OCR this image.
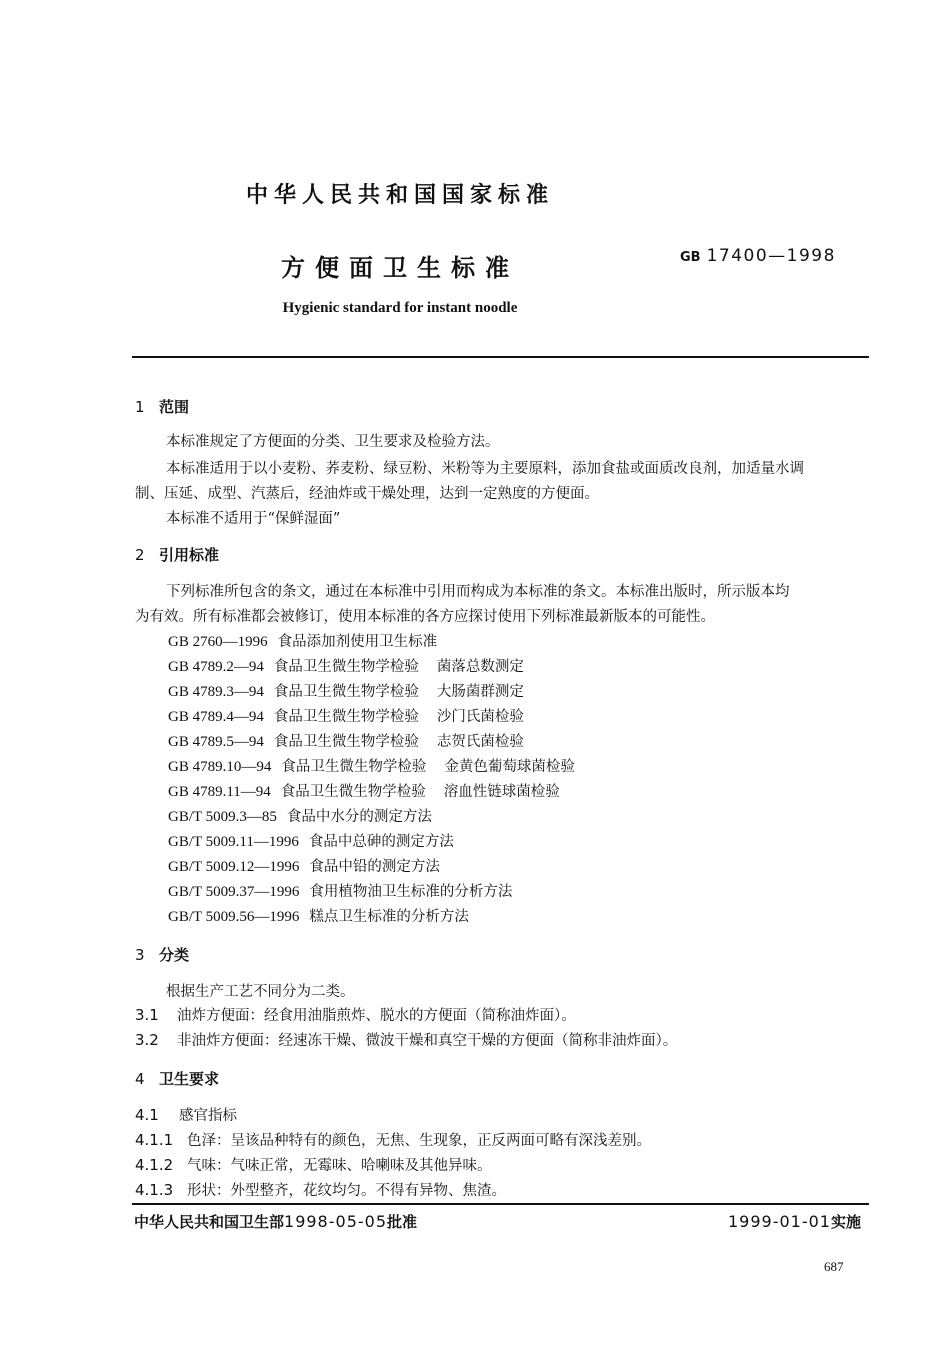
中华人民共和国国家标准
方便面卫生标准	GB 17400—1998
Hygienic standard for instant noodle
1 范围
本标准规定了方便面的分类、卫生要求及检验方法。
本标准适用于以小麦粉、荞麦粉、绿豆粉、米粉等为主要原料，添加食盐或面质改良剂，加适量水调
制、压延、成型、汽蒸后，经油炸或干燥处理，达到一定熟度的方便面。
本标准不适用于“保鲜湿面”
2 引用标准
下列标准所包含的条文，通过在本标准中引用而构成为本标准的条文。本标准出版时，所示版本均
为有效。所有标准都会被修订，使用本标准的各方应探讨使用下列标准最新版本的可能性。
GB 2760—1996 食品添加剂使用卫生标准
GB 4789.2—94 食品卫生微生物学检验 菌落总数测定
GB 4789.3—94 食品卫生微生物学检验 大肠菌群测定
GB 4789.4—94 食品卫生微生物学检验 沙门氏菌检验
GB 4789.5—94 食品卫生微生物学检验 志贺氏菌检验
GB 4789.10—94 食品卫生微生物学检验 金黄色葡萄球菌检验
GB 4789.11—94 食品卫生微生物学检验 溶血性链球菌检验
GB/T 5009.3—85 食品中水分的测定方法
GB/T 5009.11—1996 食品中总砷的测定方法
GB/T 5009.12—1996 食品中铅的测定方法
GB/T 5009.37—1996 食用植物油卫生标准的分析方法
GB/T 5009.56—1996 糕点卫生标准的分析方法
3 分类
根据生产工艺不同分为二类。
3.1 油炸方便面：经食用油脂煎炸、脱水的方便面（简称油炸面）。
3.2 非油炸方便面：经速冻干燥、微波干燥和真空干燥的方便面（简称非油炸面）。
4 卫生要求
4.1 感官指标
4.1.1 色泽：呈该品种特有的颜色，无焦、生现象，正反两面可略有深浅差别。
4.1.2 气味：气味正常，无霉味、哈喇味及其他异味。
4.1.3 形状：外型整齐，花纹均匀。不得有异物、焦渣。
中华人民共和国卫生部1998-05-05批准	1999-01-01实施
687
